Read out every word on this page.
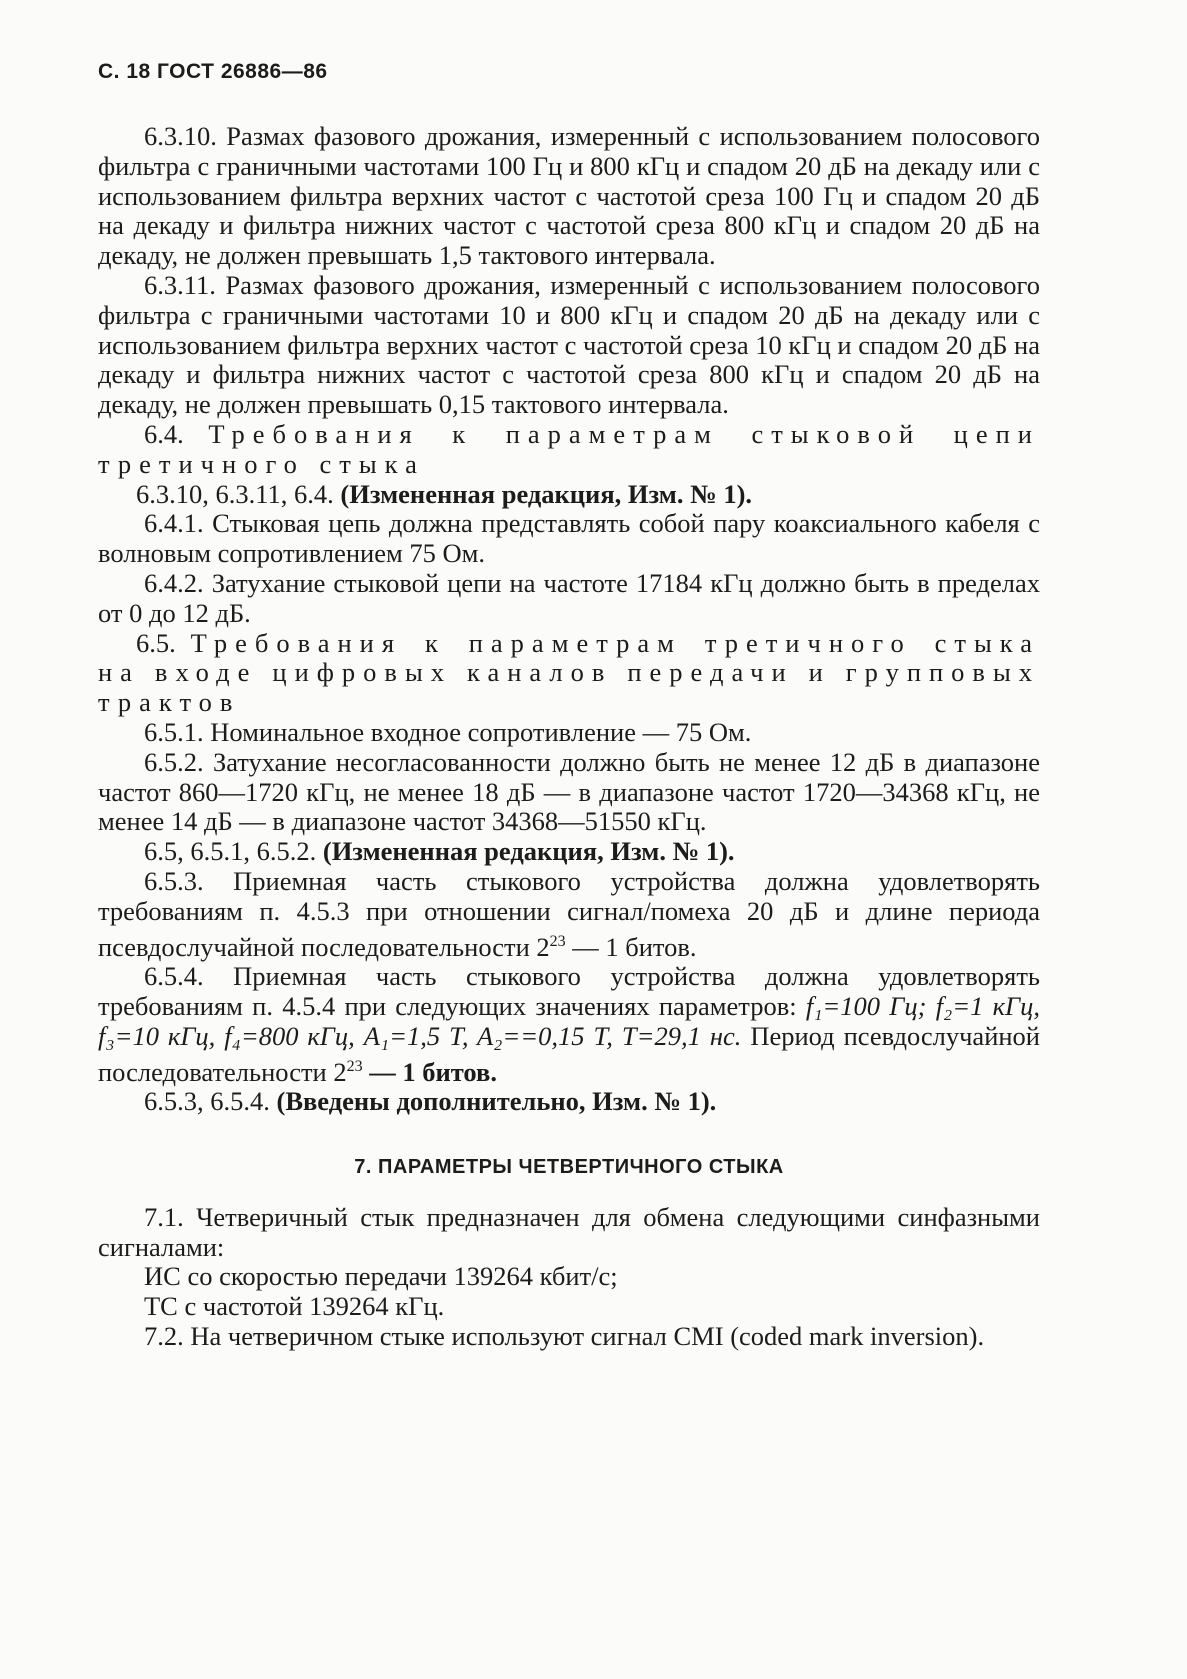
С. 18 ГОСТ 26886—86

6.3.10. Размах фазового дрожания, измеренный с использованием полосового фильтра с граничными частотами 100 Гц и 800 кГц и спадом 20 дБ на декаду или с использованием фильтра верхних частот с частотой среза 100 Гц и спадом 20 дБ на декаду и фильтра нижних частот с частотой среза 800 кГц и спадом 20 дБ на декаду, не должен превышать 1,5 тактового интервала.

6.3.11. Размах фазового дрожания, измеренный с использованием полосового фильтра с граничными частотами 10 и 800 кГц и спадом 20 дБ на декаду или с использованием фильтра верхних частот с частотой среза 10 кГц и спадом 20 дБ на декаду и фильтра нижних частот с частотой среза 800 кГц и спадом 20 дБ на декаду, не должен превышать 0,15 тактового интервала.

6.4. Требования к параметрам стыковой цепи третичного стыка

6.3.10, 6.3.11, 6.4. (Измененная редакция, Изм. № 1).

6.4.1. Стыковая цепь должна представлять собой пару коаксиального кабеля с волновым сопротивлением 75 Ом.

6.4.2. Затухание стыковой цепи на частоте 17184 кГц должно быть в пределах от 0 до 12 дБ.

6.5. Требования к параметрам третичного стыка на входе цифровых каналов передачи и групповых трактов

6.5.1. Номинальное входное сопротивление — 75 Ом.

6.5.2. Затухание несогласованности должно быть не менее 12 дБ в диапазоне частот 860—1720 кГц, не менее 18 дБ — в диапазоне частот 1720—34368 кГц, не менее 14 дБ — в диапазоне частот 34368—51550 кГц.

6.5, 6.5.1, 6.5.2. (Измененная редакция, Изм. № 1).

6.5.3. Приемная часть стыкового устройства должна удовлетворять требованиям п. 4.5.3 при отношении сигнал/помеха 20 дБ и длине периода псевдослучайной последовательности $2^{23}$ — 1 битов.

6.5.4. Приемная часть стыкового устройства должна удовлетворять требованиям п. 4.5.4 при следующих значениях параметров: f₁=100 Гц; f₂=1 кГц, f₃=10 кГц, f₄=800 кГц, A₁=1,5 T, A₂==0,15 T, T=29,1 нс. Период псевдослучайной последовательности $2^{23}$ — 1 битов.

6.5.3, 6.5.4. (Введены дополнительно, Изм. № 1).

7. ПАРАМЕТРЫ ЧЕТВЕРТИЧНОГО СТЫКА

7.1. Четверичный стык предназначен для обмена следующими синфазными сигналами:

ИС со скоростью передачи 139264 кбит/с;

ТС с частотой 139264 кГц.

7.2. На четверичном стыке используют сигнал CMI (coded mark inversion).
